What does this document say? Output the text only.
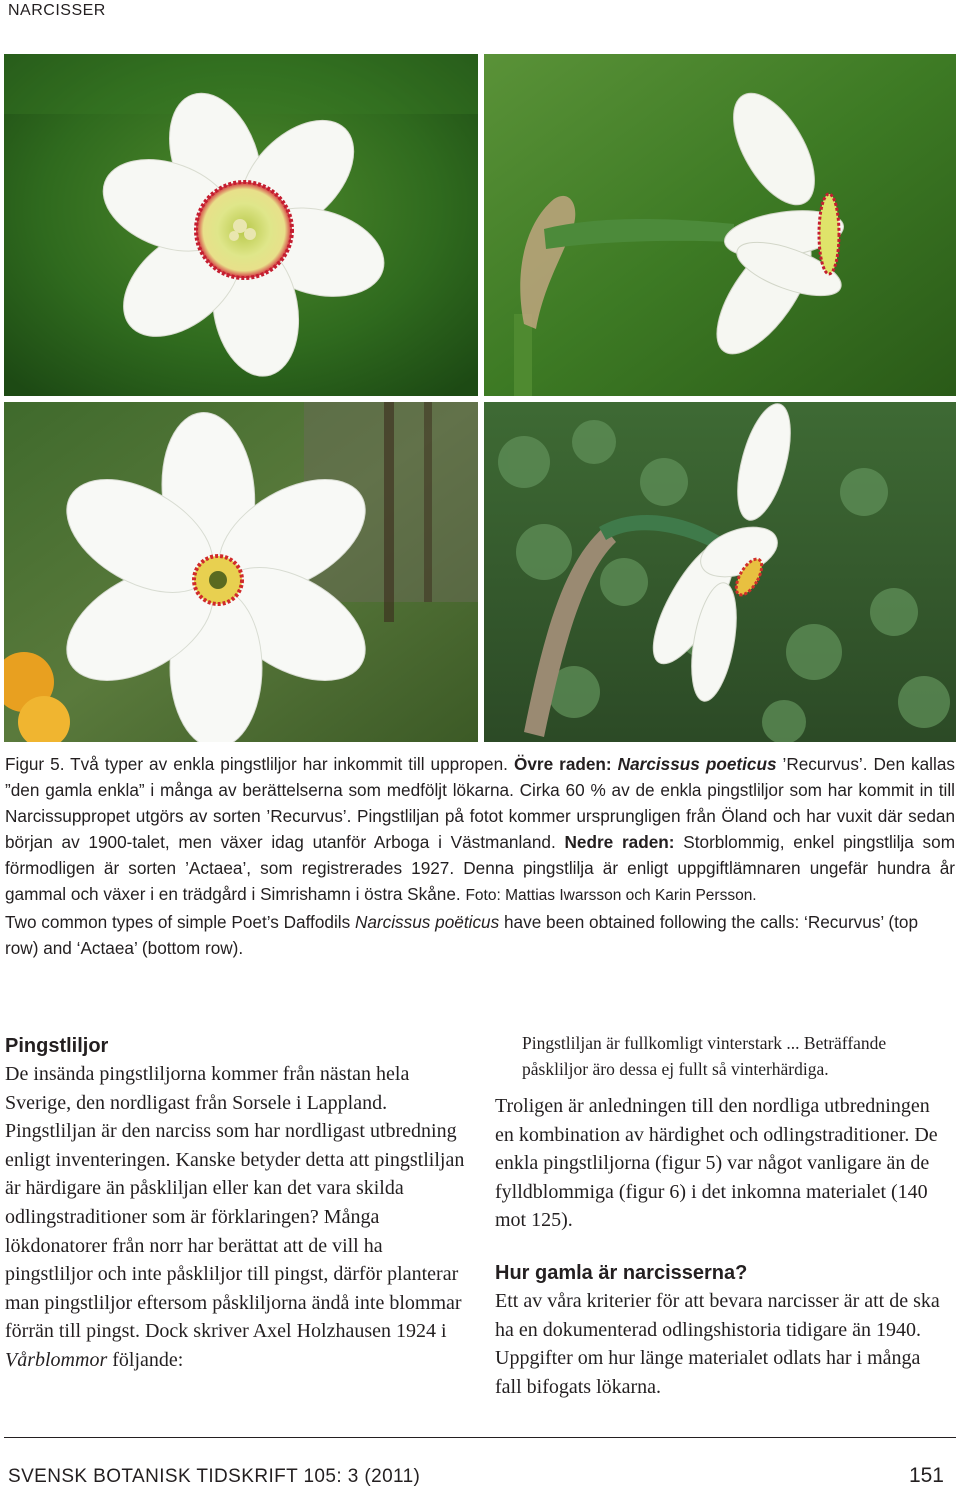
NARCISSER
Figur 5. Två typer av enkla pingstliljor har inkommit till uppropen. Övre raden: Narcissus poeticus ’Recurvus’. Den kallas ”den gamla enkla” i många av berättelserna som medföljt lökarna. Cirka 60 % av de enkla pingstliljor som har kommit in till Narcissuppropet utgörs av sorten ’Recurvus’. Pingstliljan på fotot kommer ursprungligen från Öland och har vuxit där sedan början av 1900-talet, men växer idag utanför Arboga i Västmanland. Nedre raden: Storblommig, enkel pingstlilja som förmodligen är sorten ’Actaea’, som registrerades 1927. Denna pingstlilja är enligt uppgiftlämnaren ungefär hundra år gammal och växer i en trädgård i Simrishamn i östra Skåne. Foto: Mattias Iwarsson och Karin Persson.
Two common types of simple Poet’s Daffodils Narcissus poëticus have been obtained following the calls: ‘Recurvus’ (top row) and ‘Actaea’ (bottom row).
Pingstliljor

De insända pingstliljorna kommer från nästan hela Sverige, den nordligast från Sorsele i Lappland. Pingstliljan är den narciss som har nordligast utbredning enligt inventeringen. Kanske betyder detta att pingstliljan är härdigare än påskliljan eller kan det vara skilda odlingstraditioner som är förklaringen? Många lökdonatorer från norr har berättat att de vill ha pingstliljor och inte påskliljor till pingst, därför planterar man pingstliljor eftersom påskliljorna ändå inte blommar förrän till pingst. Dock skriver Axel Holzhausen 1924 i Vårblommor följande:

Pingstliljan är fullkomligt vinterstark ... Beträffande påskliljor äro dessa ej fullt så vinterhärdiga.

Troligen är anledningen till den nordliga utbredningen en kombination av härdighet och odlingstraditioner. De enkla pingstliljorna (figur 5) var något vanligare än de fylldblommiga (figur 6) i det inkomna materialet (140 mot 125).

Hur gamla är narcisserna?

Ett av våra kriterier för att bevara narcisser är att de ska ha en dokumenterad odlingshistoria tidigare än 1940. Uppgifter om hur länge materialet odlats har i många fall bifogats lökarna.

SVENSK BOTANISK TIDSKRIFT 105: 3 (2011)	151
